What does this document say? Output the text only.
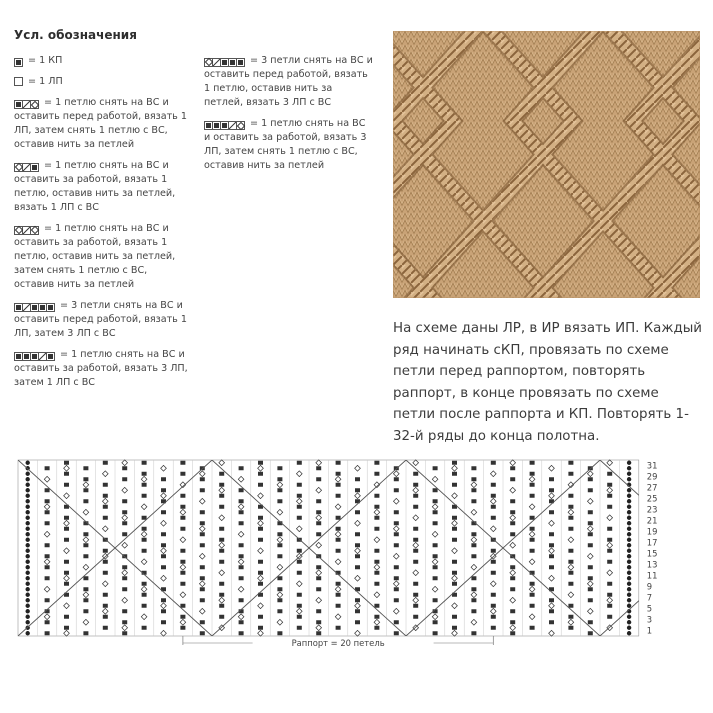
Усл. обозначения
= 1 КП
= 1 ЛП
= 1 петлю снять на ВС и оставить перед работой, вязать 1 ЛП, затем снять 1 петлю с ВС, оставив нить за петлей
= 1 петлю снять на ВС и оставить за работой, вязать 1 петлю, оставив нить за петлей, вязать 1 ЛП с ВС
= 1 петлю снять на ВС и оставить за работой, вязать 1 петлю, оставив нить за петлей, затем снять 1 петлю с ВС, оставив нить за петлей
= 3 петли снять на ВС и оставить перед работой, вязать 1 ЛП, затем 3 ЛП с ВС
= 1 петлю снять на ВС и оставить за работой, вязать 3 ЛП, затем 1 ЛП с ВС
= 3 петли снять на ВС и оставить перед работой, вязать 1 петлю, оставив нить за петлей, вязать 3 ЛП с ВС
= 1 петлю снять на ВС и оставить за работой, вязать 3 ЛП, затем снять 1 петлю с ВС, оставив нить за петлей
На схеме даны ЛР, в ИР вязать ИП. Каждый ряд начинать сКП, провязать по схеме петли перед раппортом, повторять раппорт, в конце провязать по схеме петли после раппорта и КП. Повторять 1-32-й ряды до конца полотна.
31
29
27
25
23
21
19
17
15
13
11
9
7
5
3
1
Раппорт = 20 петель
